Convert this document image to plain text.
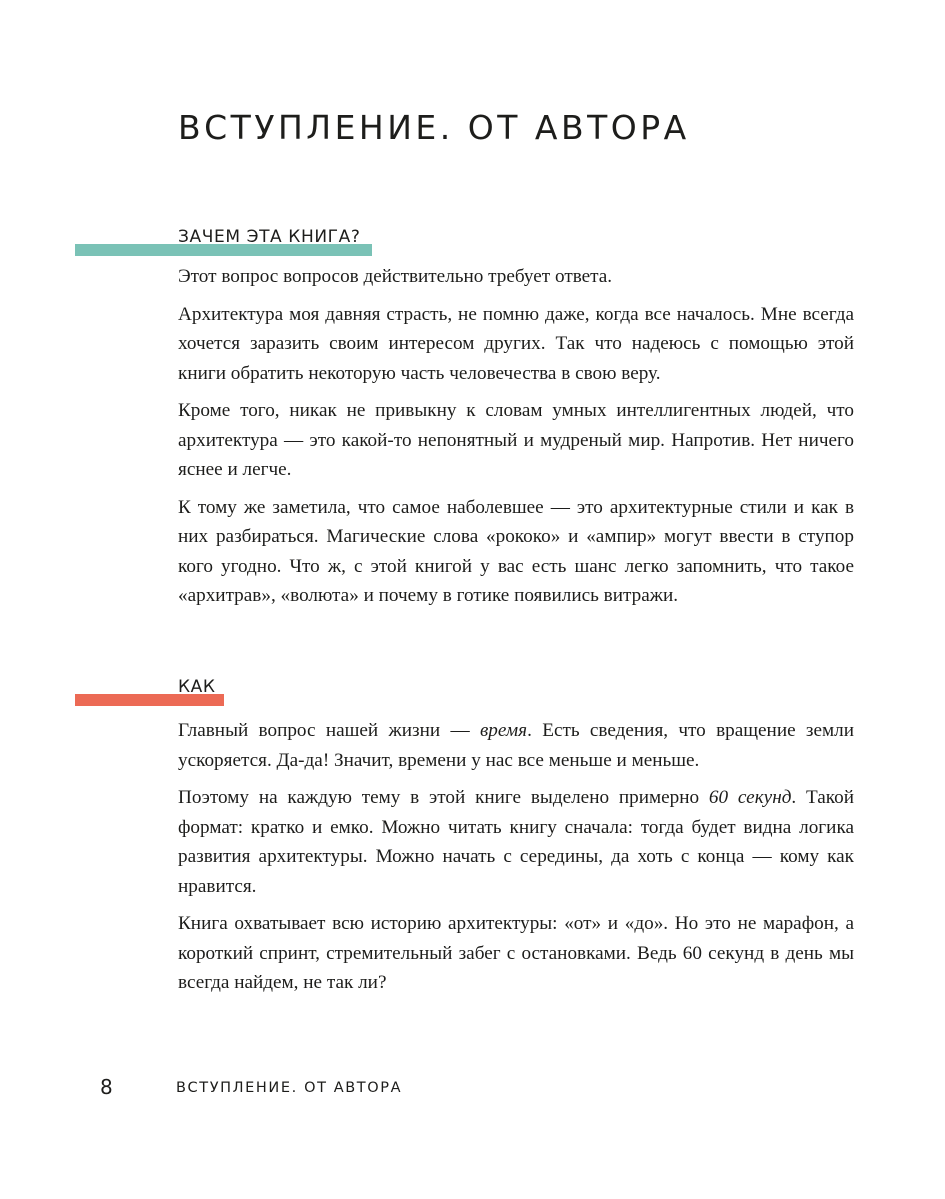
ВСТУПЛЕНИЕ. ОТ АВТОРА
ЗАЧЕМ ЭТА КНИГА?

Этот вопрос вопросов действительно требует ответа.

Архитектура моя давняя страсть, не помню даже, когда все началось. Мне всегда хочется заразить своим интересом других. Так что надеюсь с помощью этой книги обратить некоторую часть человечества в свою веру.

Кроме того, никак не привыкну к словам умных интеллигентных людей, что архитектура — это какой-то непонятный и мудреный мир. Напротив. Нет ничего яснее и легче.

К тому же заметила, что самое наболевшее — это архитектурные стили и как в них разбираться. Магические слова «рококо» и «ампир» могут ввести в ступор кого угодно. Что ж, с этой книгой у вас есть шанс легко запомнить, что такое «архитрав», «волюта» и почему в готике появились витражи.

КАК

Главный вопрос нашей жизни — время. Есть сведения, что вращение земли ускоряется. Да-да! Значит, времени у нас все меньше и меньше.

Поэтому на каждую тему в этой книге выделено примерно 60 секунд. Такой формат: кратко и емко. Можно читать книгу сначала: тогда будет видна логика развития архитектуры. Можно начать с середины, да хоть с конца — кому как нравится.

Книга охватывает всю историю архитектуры: «от» и «до». Но это не марафон, а короткий спринт, стремительный забег с остановками. Ведь 60 секунд в день мы всегда найдем, не так ли?

8	ВСТУПЛЕНИЕ. ОТ АВТОРА
